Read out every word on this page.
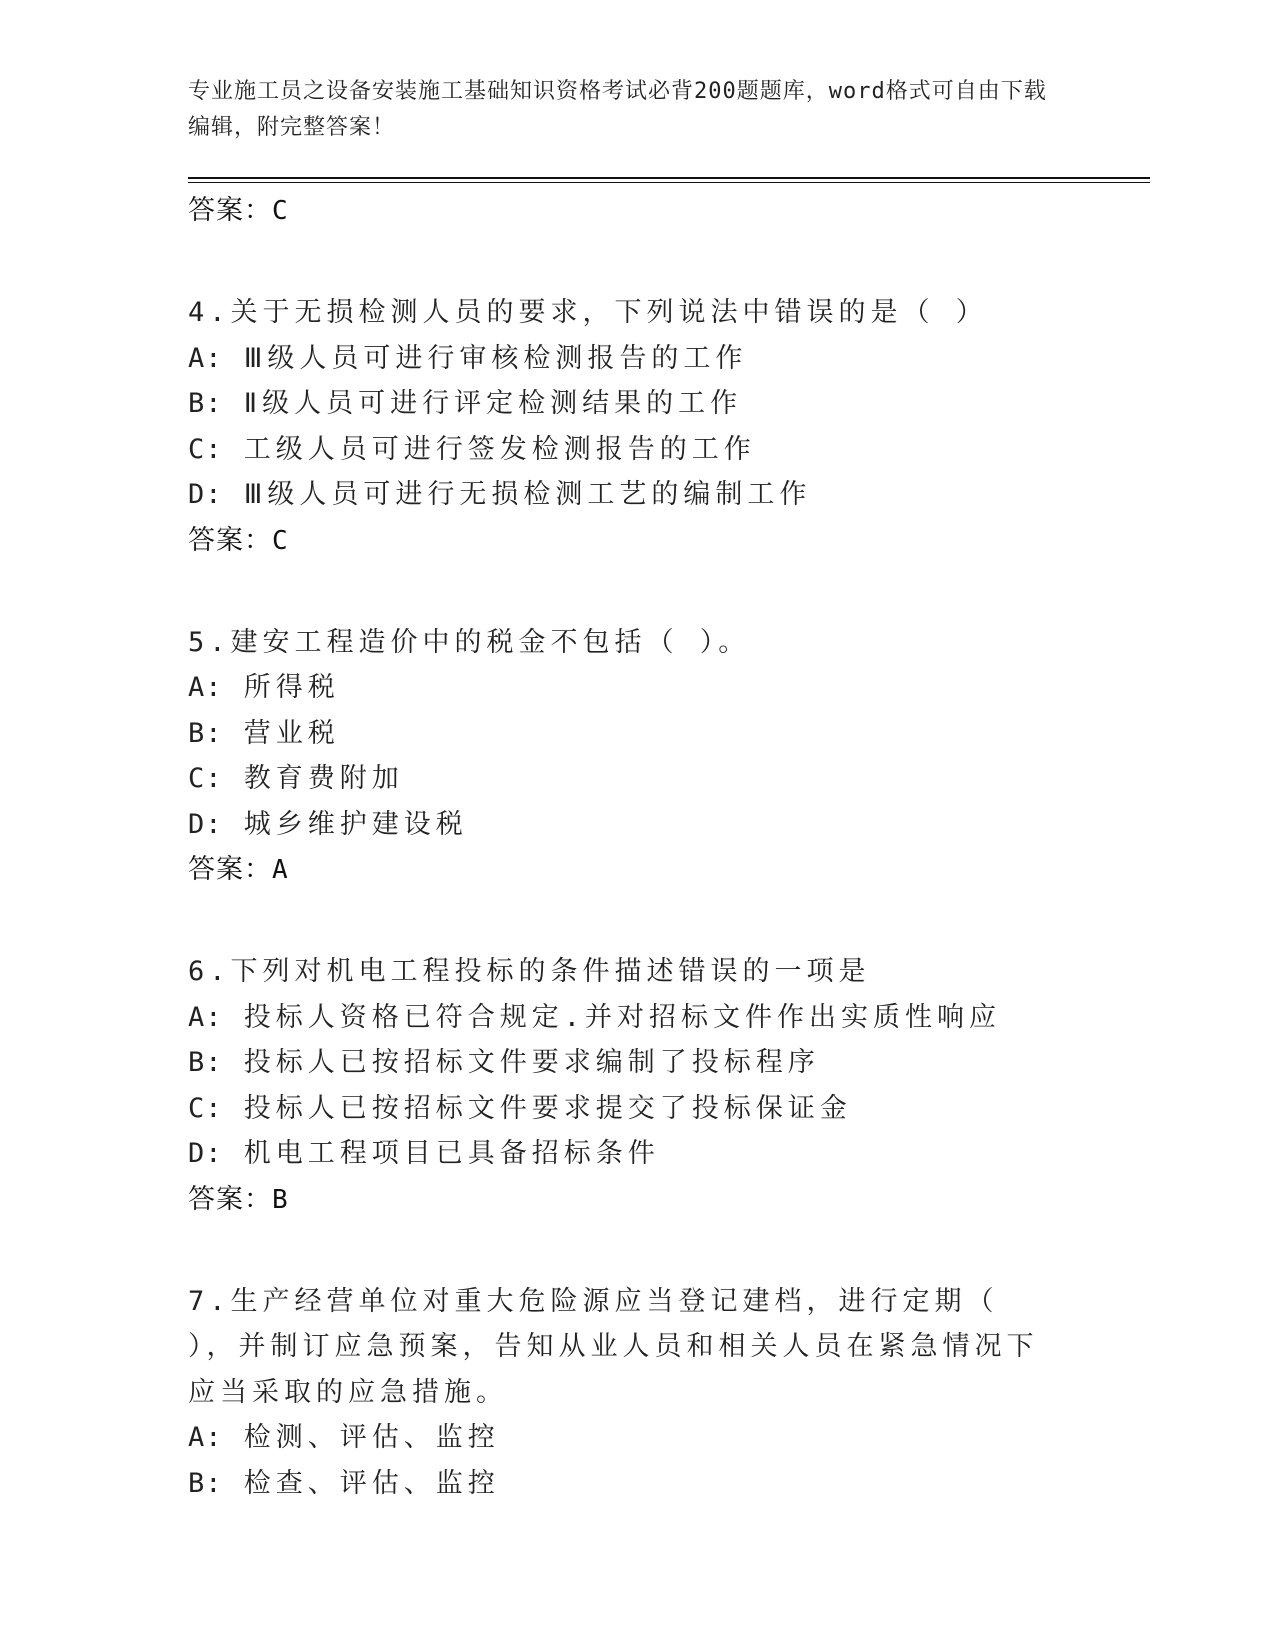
专业施工员之设备安装施工基础知识资格考试必背200题题库，word格式可自由下载编辑，附完整答案！
答案：C
4.关于无损检测人员的要求，下列说法中错误的是（ ）
A: Ⅲ级人员可进行审核检测报告的工作
B: Ⅱ级人员可进行评定检测结果的工作
C: 工级人员可进行签发检测报告的工作
D: Ⅲ级人员可进行无损检测工艺的编制工作
答案：C
5.建安工程造价中的税金不包括（ ）。
A: 所得税
B: 营业税
C: 教育费附加
D: 城乡维护建设税
答案：A
6.下列对机电工程投标的条件描述错误的一项是
A: 投标人资格已符合规定.并对招标文件作出实质性响应
B: 投标人已按招标文件要求编制了投标程序
C: 投标人已按招标文件要求提交了投标保证金
D: 机电工程项目已具备招标条件
答案：B
7.生产经营单位对重大危险源应当登记建档，进行定期（ ），并制订应急预案，告知从业人员和相关人员在紧急情况下应当采取的应急措施。
A: 检测、评估、监控
B: 检查、评估、监控
